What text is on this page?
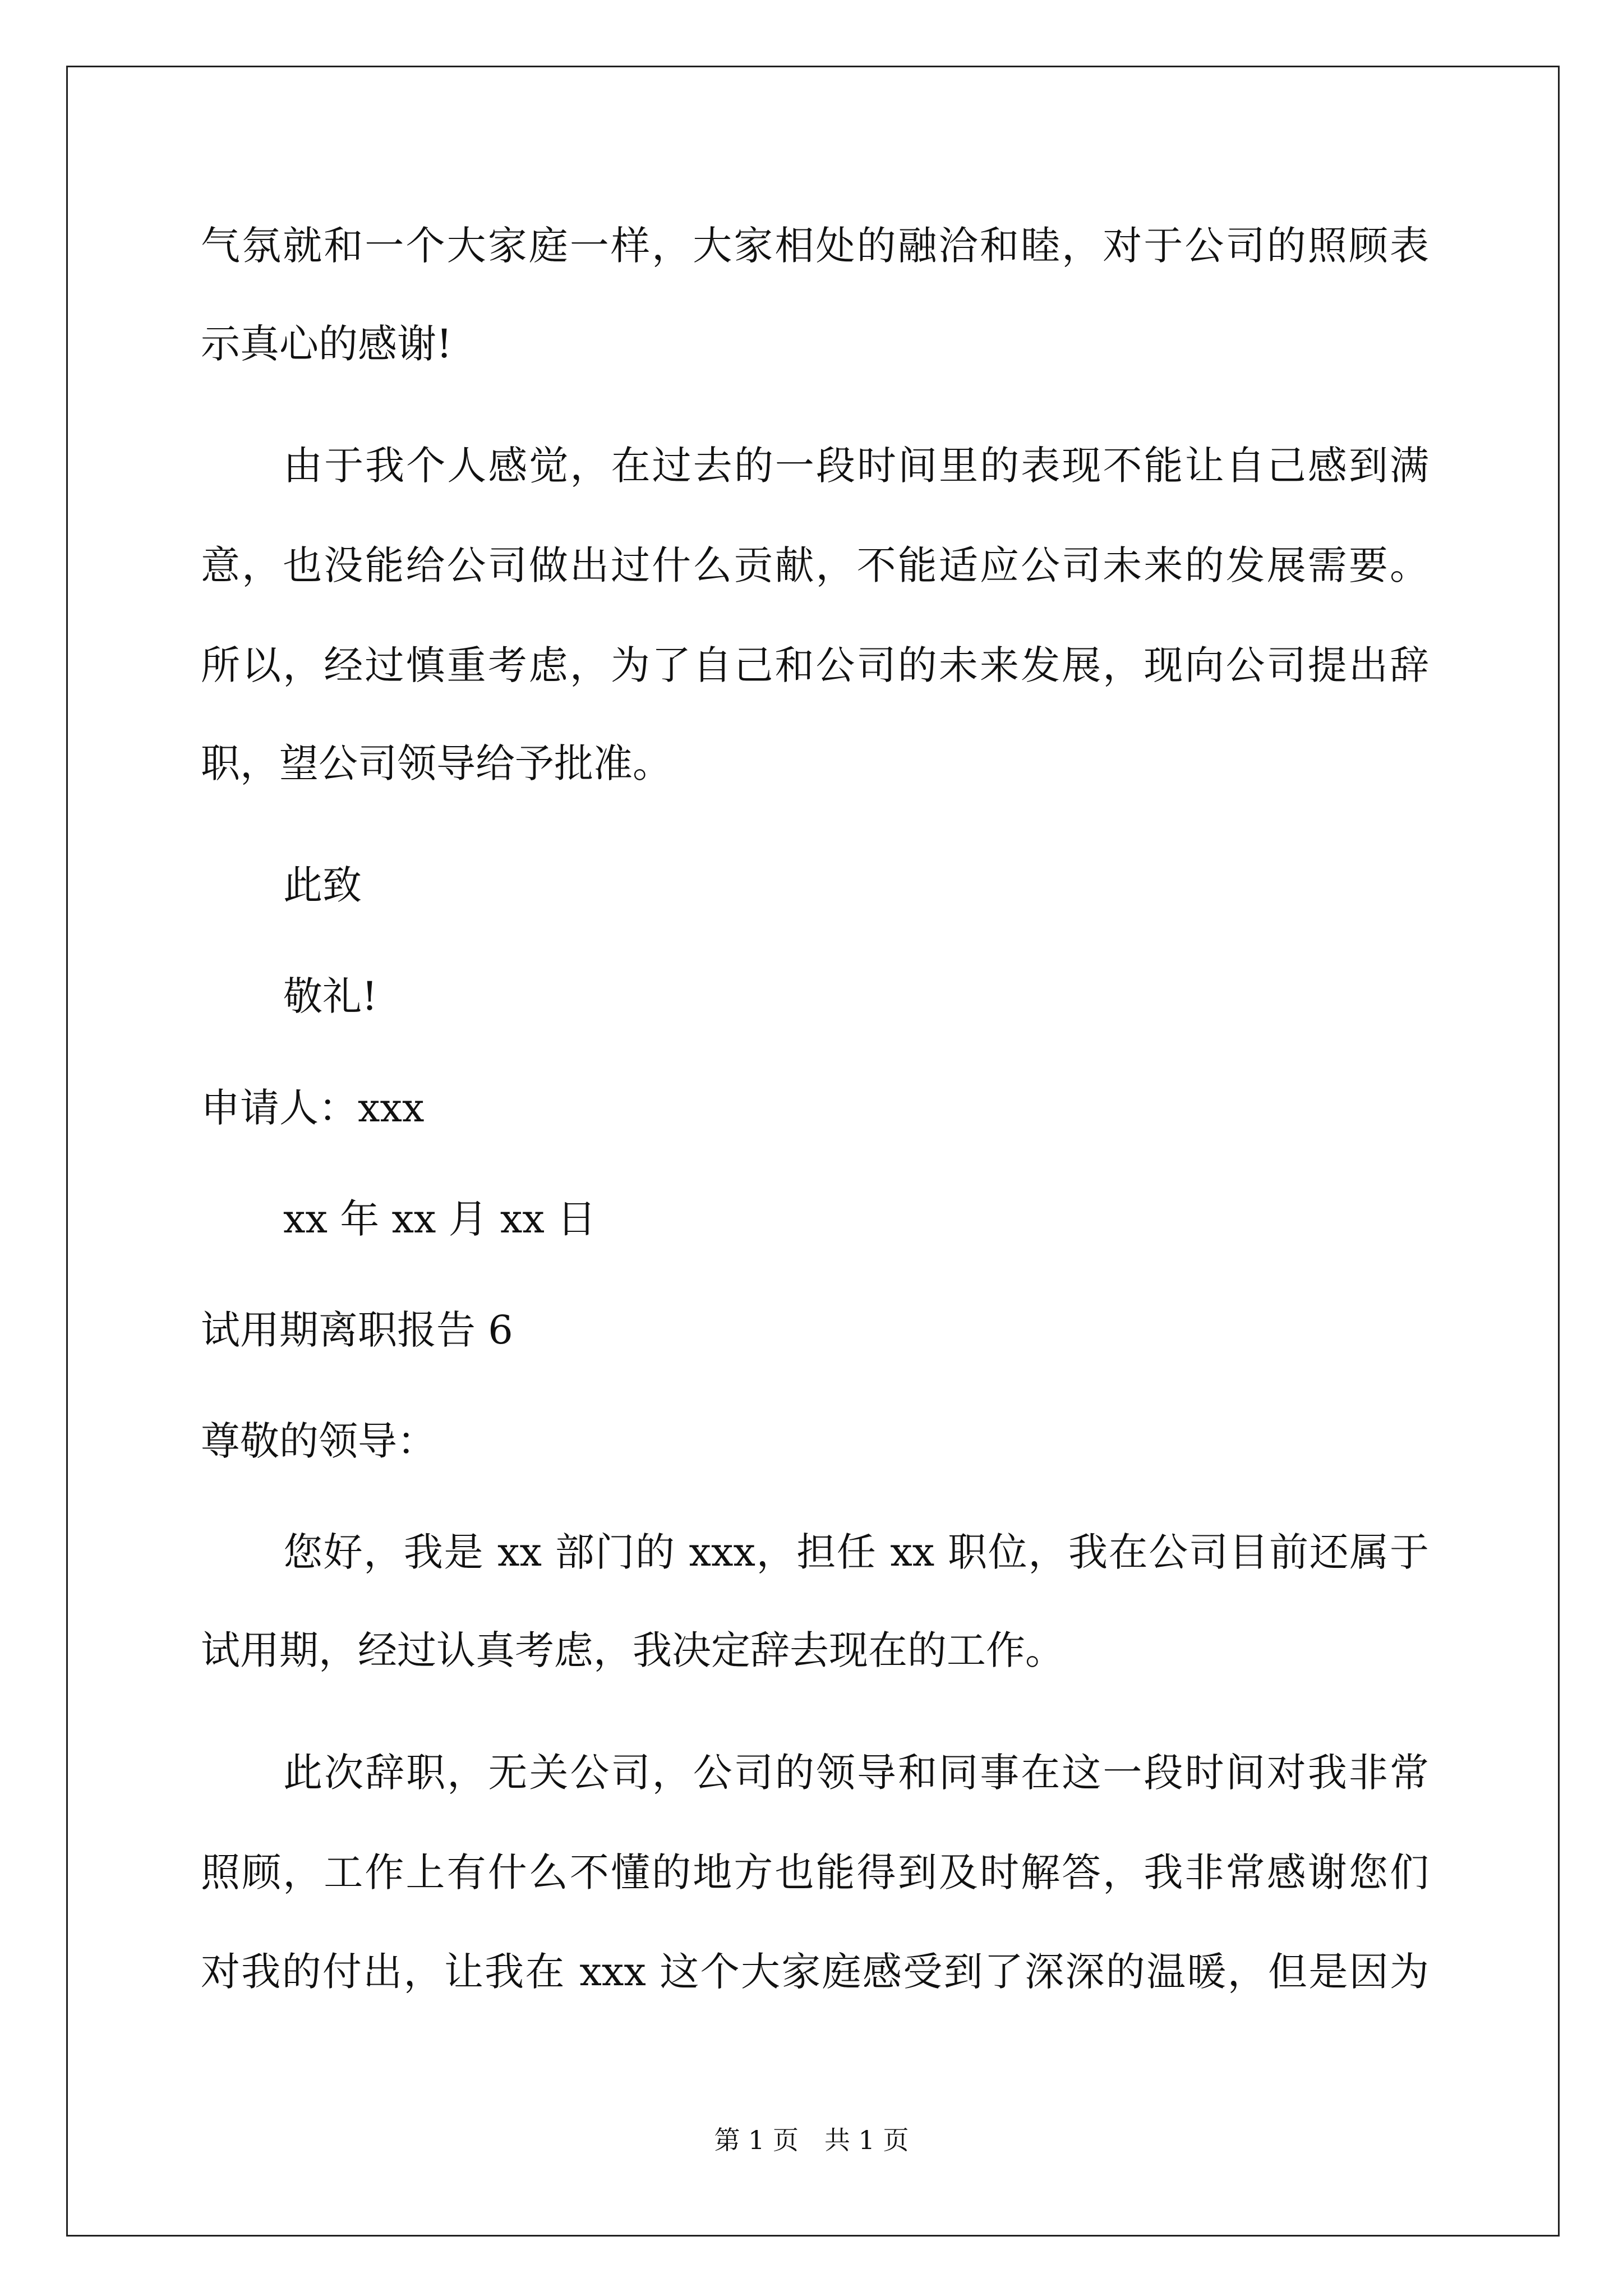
气氛就和一个大家庭一样，大家相处的融洽和睦，对于公司的照顾表

示真心的感谢!

由于我个人感觉，在过去的一段时间里的表现不能让自己感到满

意，也没能给公司做出过什么贡献，不能适应公司未来的发展需要。

所以，经过慎重考虑，为了自己和公司的未来发展，现向公司提出辞

职，望公司领导给予批准。

此致

敬礼!

申请人：xxx

xx 年 xx 月 xx 日

试用期离职报告 6

尊敬的领导：

您好，我是 xx 部门的 xxx，担任 xx 职位，我在公司目前还属于

试用期，经过认真考虑，我决定辞去现在的工作。

此次辞职，无关公司，公司的领导和同事在这一段时间对我非常

照顾，工作上有什么不懂的地方也能得到及时解答，我非常感谢您们

对我的付出，让我在 xxx 这个大家庭感受到了深深的温暖，但是因为

第 1 页　共 1 页
